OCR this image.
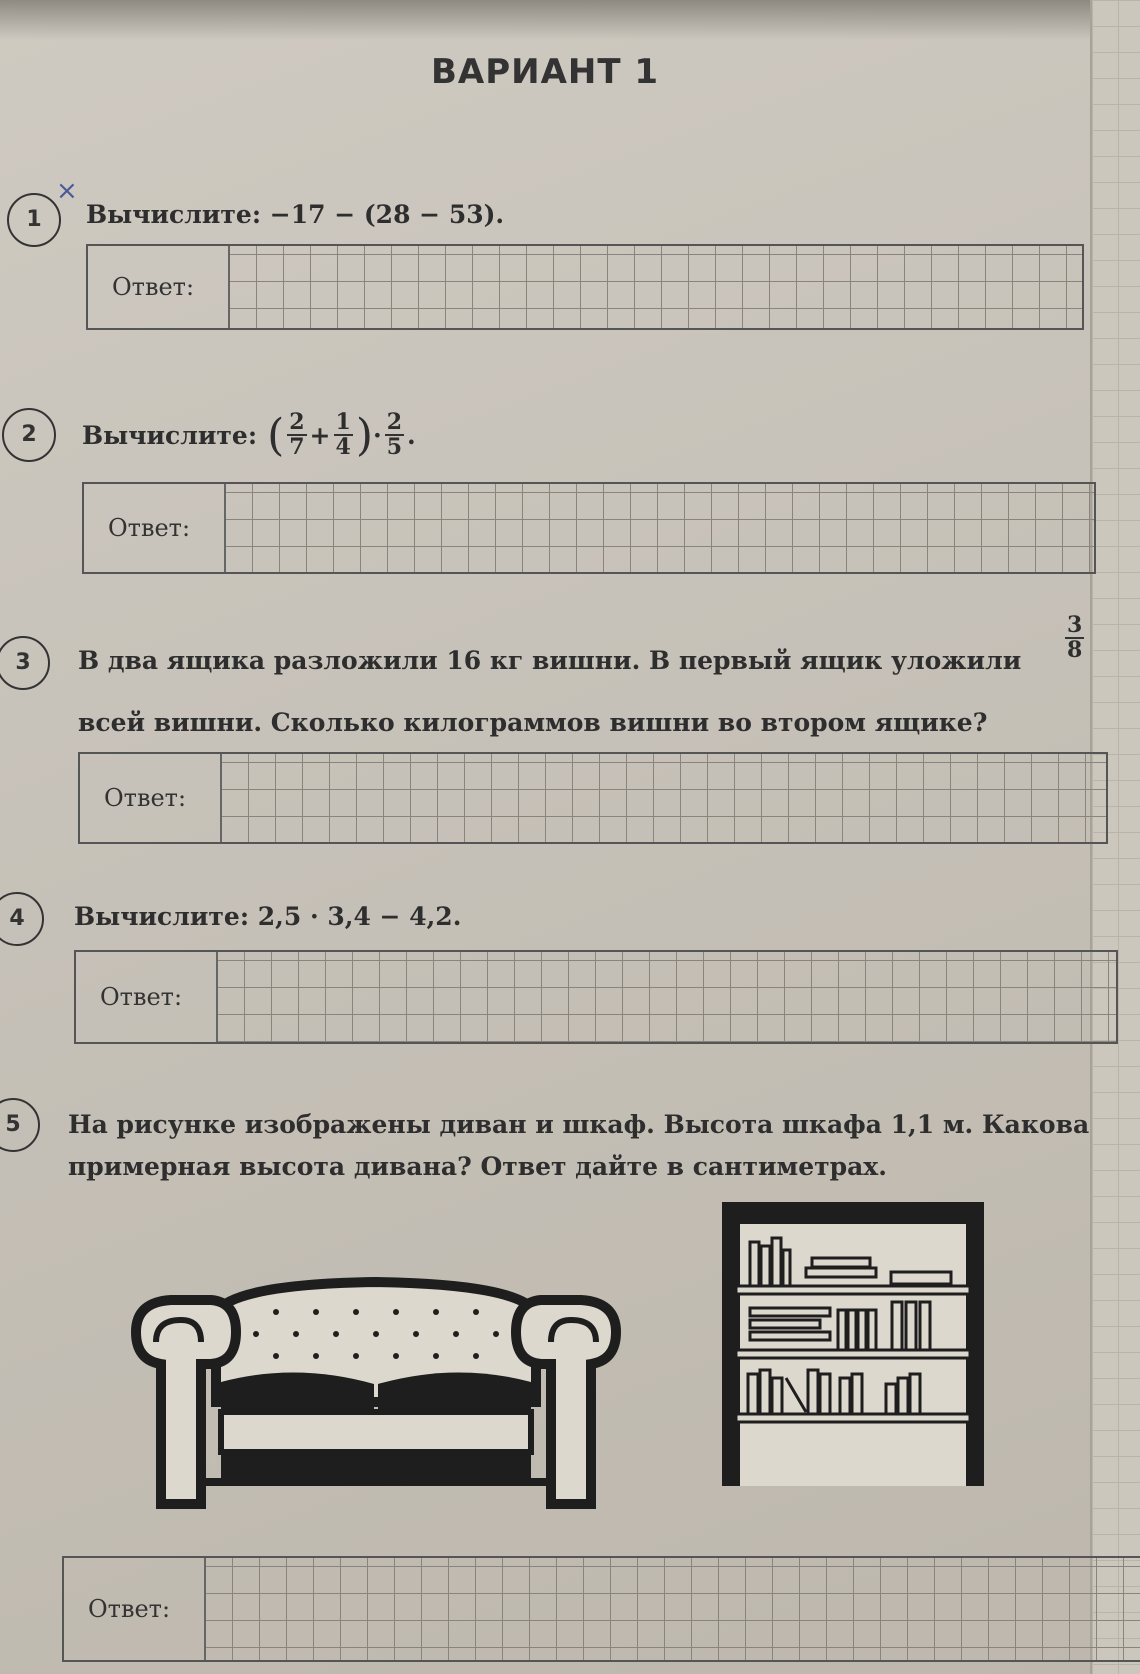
ВАРИАНТ 1
1
×
Вычислите: −17 − (28 − 53).
Ответ:
2	Вычислите: ( $\frac{2}{7} + \frac{1}{4}$ ) · $\frac{2}{5}$ .
Ответ:
3	В два ящика разложили 16 кг вишни. В первый ящик уложили $\frac{3}{8}$
всей вишни. Сколько килограммов вишни во втором ящике?
Ответ:
4	Вычислите: 2,5 · 3,4 − 4,2.
Ответ:
5	На рисунке изображены диван и шкаф. Высота шкафа 1,1 м. Какова
примерная высота дивана? Ответ дайте в сантиметрах.
Ответ:
